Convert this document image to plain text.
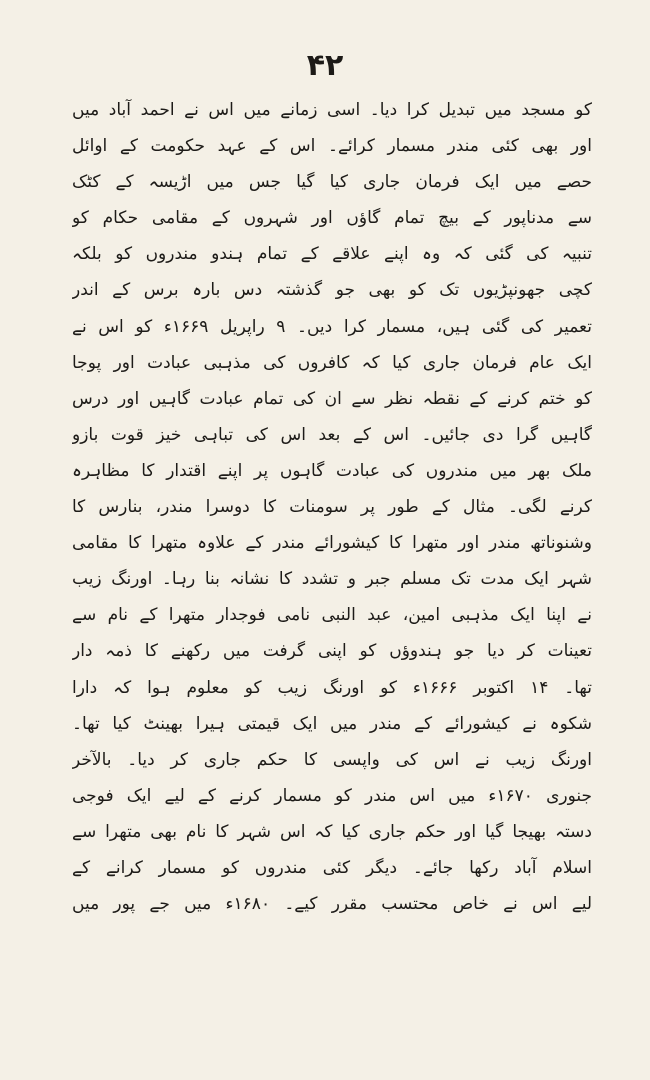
۴۲
کو مسجد میں تبدیل کرا دیا۔ اسی زمانے میں اس نے احمد آباد میں
اور بھی کئی مندر مسمار کرائے۔ اس کے عہد حکومت کے اوائل
حصے میں ایک فرمان جاری کیا گیا جس میں اڑیسہ کے کٹک
سے مدناپور کے بیچ تمام گاؤں اور شہروں کے مقامی حکام کو
تنبیہ کی گئی کہ وہ اپنے علاقے کے تمام ہندو مندروں کو بلکہ
کچی جھونپڑیوں تک کو بھی جو گذشتہ دس بارہ برس کے اندر
تعمیر کی گئی ہیں، مسمار کرا دیں۔ ۹ راپریل ۱۶۶۹ء کو اس نے
ایک عام فرمان جاری کیا کہ کافروں کی مذہبی عبادت اور پوجا
کو ختم کرنے کے نقطہ نظر سے ان کی تمام عبادت گاہیں اور درس
گاہیں گرا دی جائیں۔ اس کے بعد اس کی تباہی خیز قوت بازو
ملک بھر میں مندروں کی عبادت گاہوں پر اپنے اقتدار کا مظاہرہ
کرنے لگی۔ مثال کے طور پر سومنات کا دوسرا مندر، بنارس کا
وشنوناتھ مندر اور متھرا کا کیشورائے مندر کے علاوہ متھرا کا مقامی
شہر ایک مدت تک مسلم جبر و تشدد کا نشانہ بنا رہا۔ اورنگ زیب
نے اپنا ایک مذہبی امین، عبد النبی نامی فوجدار متھرا کے نام سے
تعینات کر دیا جو ہندوؤں کو اپنی گرفت میں رکھنے کا ذمہ دار
تھا۔ ۱۴ اکتوبر ۱۶۶۶ء کو اورنگ زیب کو معلوم ہوا کہ دارا
شکوہ نے کیشورائے کے مندر میں ایک قیمتی ہیرا بھینٹ کیا تھا۔
اورنگ زیب نے اس کی واپسی کا حکم جاری کر دیا۔ بالآخر
جنوری ۱۶۷۰ء میں اس مندر کو مسمار کرنے کے لیے ایک فوجی
دستہ بھیجا گیا اور حکم جاری کیا کہ اس شہر کا نام بھی متھرا سے
اسلام آباد رکھا جائے۔ دیگر کئی مندروں کو مسمار کرانے کے
لیے اس نے خاص محتسب مقرر کیے۔ ۱۶۸۰ء میں جے پور میں
